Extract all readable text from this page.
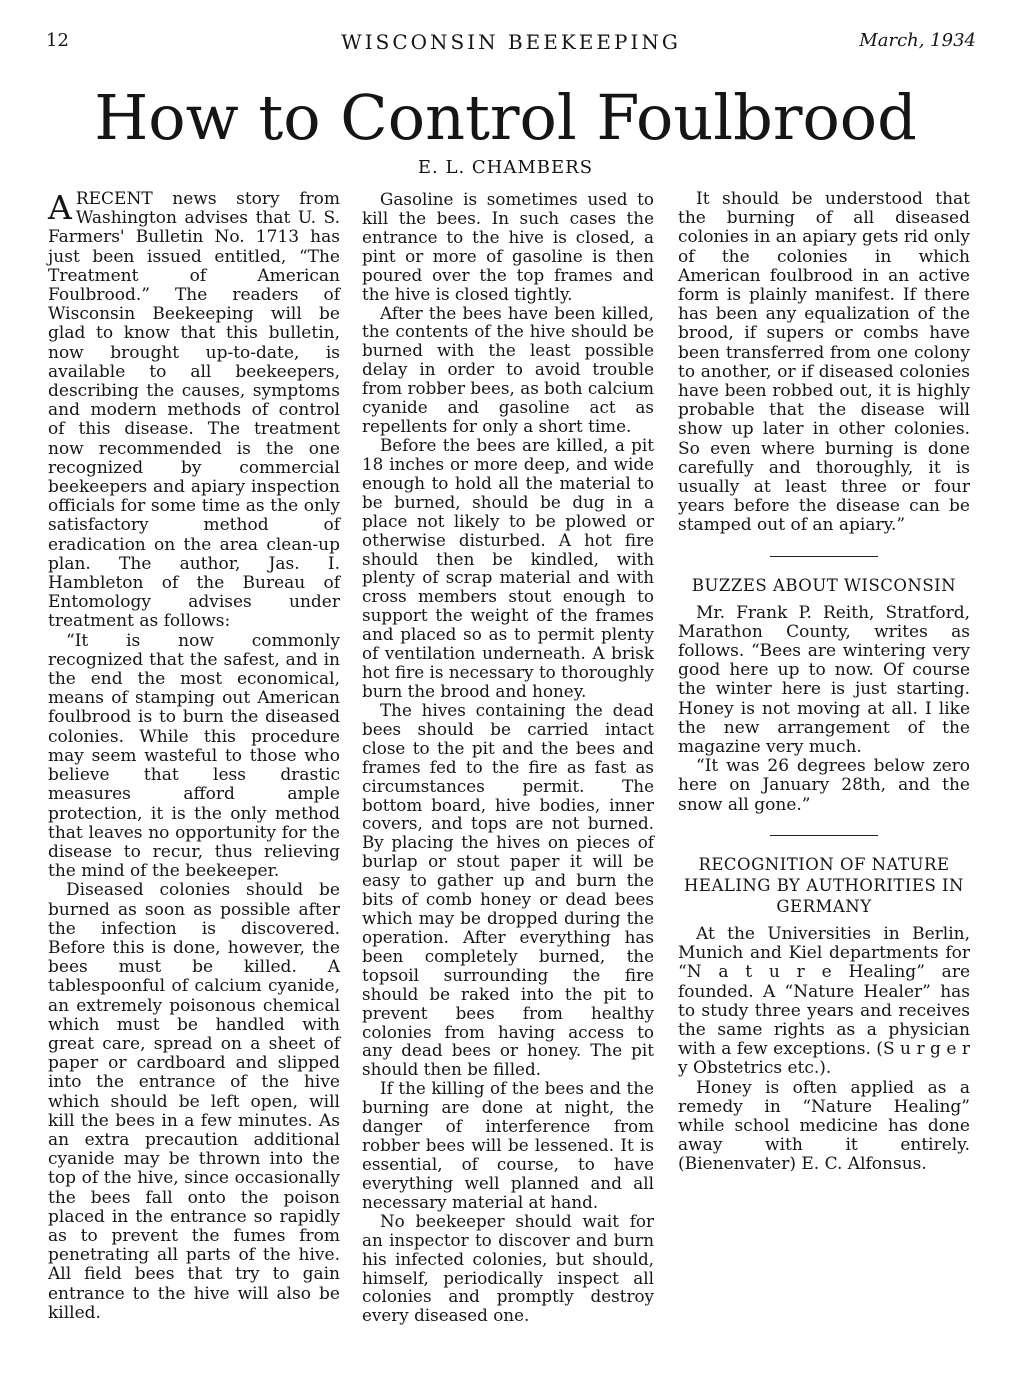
12	WISCONSIN BEEKEEPING	March, 1934
How to Control Foulbrood
E. L. CHAMBERS

ARECENT news story from Washington advises that U. S. Farmers' Bulletin No. 1713 has just been issued entitled, “The Treatment of American Foulbrood.” The readers of Wisconsin Beekeeping will be glad to know that this bulletin, now brought up-to-date, is available to all beekeepers, describing the causes, symptoms and modern methods of control of this disease. The treatment now recommended is the one recognized by commercial beekeepers and apiary inspection officials for some time as the only satisfactory method of eradication on the area clean-up plan. The author, Jas. I. Hambleton of the Bureau of Entomology advises under treatment as follows:

“It is now commonly recognized that the safest, and in the end the most economical, means of stamping out American foulbrood is to burn the diseased colonies. While this procedure may seem wasteful to those who believe that less drastic measures afford ample protection, it is the only method that leaves no opportunity for the disease to recur, thus relieving the mind of the beekeeper.

Diseased colonies should be burned as soon as possible after the infection is discovered. Before this is done, however, the bees must be killed. A tablespoonful of calcium cyanide, an extremely poisonous chemical which must be handled with great care, spread on a sheet of paper or cardboard and slipped into the entrance of the hive which should be left open, will kill the bees in a few minutes. As an extra precaution additional cyanide may be thrown into the top of the hive, since occasionally the bees fall onto the poison placed in the entrance so rapidly as to prevent the fumes from penetrating all parts of the hive. All field bees that try to gain entrance to the hive will also be killed.

Gasoline is sometimes used to kill the bees. In such cases the entrance to the hive is closed, a pint or more of gasoline is then poured over the top frames and the hive is closed tightly.

After the bees have been killed, the contents of the hive should be burned with the least possible delay in order to avoid trouble from robber bees, as both calcium cyanide and gasoline act as repellents for only a short time.

Before the bees are killed, a pit 18 inches or more deep, and wide enough to hold all the material to be burned, should be dug in a place not likely to be plowed or otherwise disturbed. A hot fire should then be kindled, with plenty of scrap material and with cross members stout enough to support the weight of the frames and placed so as to permit plenty of ventilation underneath. A brisk hot fire is necessary to thoroughly burn the brood and honey.

The hives containing the dead bees should be carried intact close to the pit and the bees and frames fed to the fire as fast as circumstances permit. The bottom board, hive bodies, inner covers, and tops are not burned. By placing the hives on pieces of burlap or stout paper it will be easy to gather up and burn the bits of comb honey or dead bees which may be dropped during the operation. After everything has been completely burned, the topsoil surrounding the fire should be raked into the pit to prevent bees from healthy colonies from having access to any dead bees or honey. The pit should then be filled.

If the killing of the bees and the burning are done at night, the danger of interference from robber bees will be lessened. It is essential, of course, to have everything well planned and all necessary material at hand.

No beekeeper should wait for an inspector to discover and burn his infected colonies, but should, himself, periodically inspect all colonies and promptly destroy every diseased one.

It should be understood that the burning of all diseased colonies in an apiary gets rid only of the colonies in which American foulbrood in an active form is plainly manifest. If there has been any equalization of the brood, if supers or combs have been transferred from one colony to another, or if diseased colonies have been robbed out, it is highly probable that the disease will show up later in other colonies. So even where burning is done carefully and thoroughly, it is usually at least three or four years before the disease can be stamped out of an apiary.”

BUZZES ABOUT WISCONSIN

Mr. Frank P. Reith, Stratford, Marathon County, writes as follows. “Bees are wintering very good here up to now. Of course the winter here is just starting. Honey is not moving at all. I like the new arrangement of the magazine very much.

“It was 26 degrees below zero here on January 28th, and the snow all gone.”

RECOGNITION OF NATURE HEALING BY AUTHORITIES IN GERMANY

At the Universities in Berlin, Munich and Kiel departments for “N a t u r e Healing” are founded. A “Nature Healer” has to study three years and receives the same rights as a physician with a few exceptions. (S u r g e r y Obstetrics etc.).

Honey is often applied as a remedy in “Nature Healing” while school medicine has done away with it entirely. (Bienenvater) E. C. Alfonsus.
